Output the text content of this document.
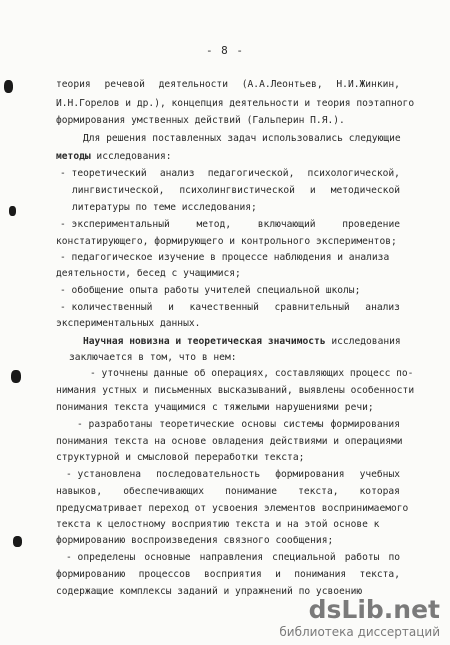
- 8 -
теория речевой деятельности (А.А.Леонтьев, Н.И.Жинкин,
И.Н.Горелов и др.), концепция деятельности и теория поэтапного
формирования умственных действий (Гальперин П.Я.).
Для решения поставленных задач использовались следующие
методы исследования:
- теоретический анализ педагогической, психологической,
лингвистической, психолингвистической и методической
литературы по теме исследования;
- экспериментальный	метод,	включающий	проведение
констатирующего, формирующего и контрольного экспериментов;
- педагогическое изучение в процессе наблюдения и анализа
деятельности, бесед с учащимися;
- обобщение опыта работы учителей специальной школы;
- количественный и качественный сравнительный анализ
экспериментальных данных.
Научная новизна и теоретическая значимость исследования
заключается в том, что в нем:
- уточнены данные об операциях, составляющих процесс по-
нимания устных и письменных высказываний, выявлены особенности
понимания текста учащимися с тяжелыми нарушениями речи;
- разработаны теоретические основы системы формирования
понимания текста на основе овладения действиями и операциями
структурной и смысловой переработки текста;
- установлена последовательность формирования учебных
навыков, обеспечивающих понимание текста, которая
предусматривает переход от усвоения элементов воспринимаемого
текста к целостному восприятию текста и на этой основе к
формированию воспроизведения связного сообщения;
- определены основные направления специальной работы по
формированию процессов восприятия и понимания текста,
содержащие комплексы заданий и упражнений по усвоению
dsLib.net
библиотека диссертаций
